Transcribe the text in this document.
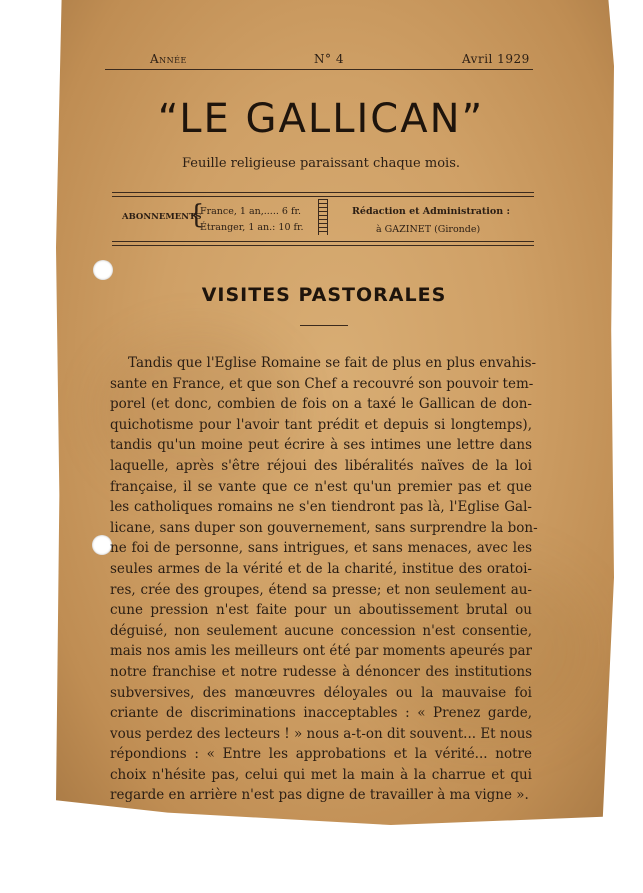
Année	N° 4	Avril 1929
“LE GALLICAN”
Feuille religieuse paraissant chaque mois.
ABONNEMENTS
{
France, 1 an,..... 6 fr.
Étranger, 1 an.: 10 fr.
Rédaction et Administration :
à GAZINET (Gironde)
VISITES PASTORALES
Tandis que l'Eglise Romaine se fait de plus en plus envahis-
sante en France, et que son Chef a recouvré son pouvoir tem-
porel (et donc, combien de fois on a taxé le Gallican de don-
quichotisme pour l'avoir tant prédit et depuis si longtemps),
tandis qu'un moine peut écrire à ses intimes une lettre dans
laquelle, après s'être réjoui des libéralités naïves de la loi
française, il se vante que ce n'est qu'un premier pas et que
les catholiques romains ne s'en tiendront pas là, l'Eglise Gal-
licane, sans duper son gouvernement, sans surprendre la bon-
ne foi de personne, sans intrigues, et sans menaces, avec les
seules armes de la vérité et de la charité, institue des oratoi-
res, crée des groupes, étend sa presse; et non seulement au-
cune pression n'est faite pour un aboutissement brutal ou
déguisé, non seulement aucune concession n'est consentie,
mais nos amis les meilleurs ont été par moments apeurés par
notre franchise et notre rudesse à dénoncer des institutions
subversives, des manœuvres déloyales ou la mauvaise foi
criante de discriminations inacceptables : « Prenez garde,
vous perdez des lecteurs ! » nous a-t-on dit souvent... Et nous
répondions : « Entre les approbations et la vérité... notre
choix n'hésite pas, celui qui met la main à la charrue et qui
regarde en arrière n'est pas digne de travailler à ma vigne ».
